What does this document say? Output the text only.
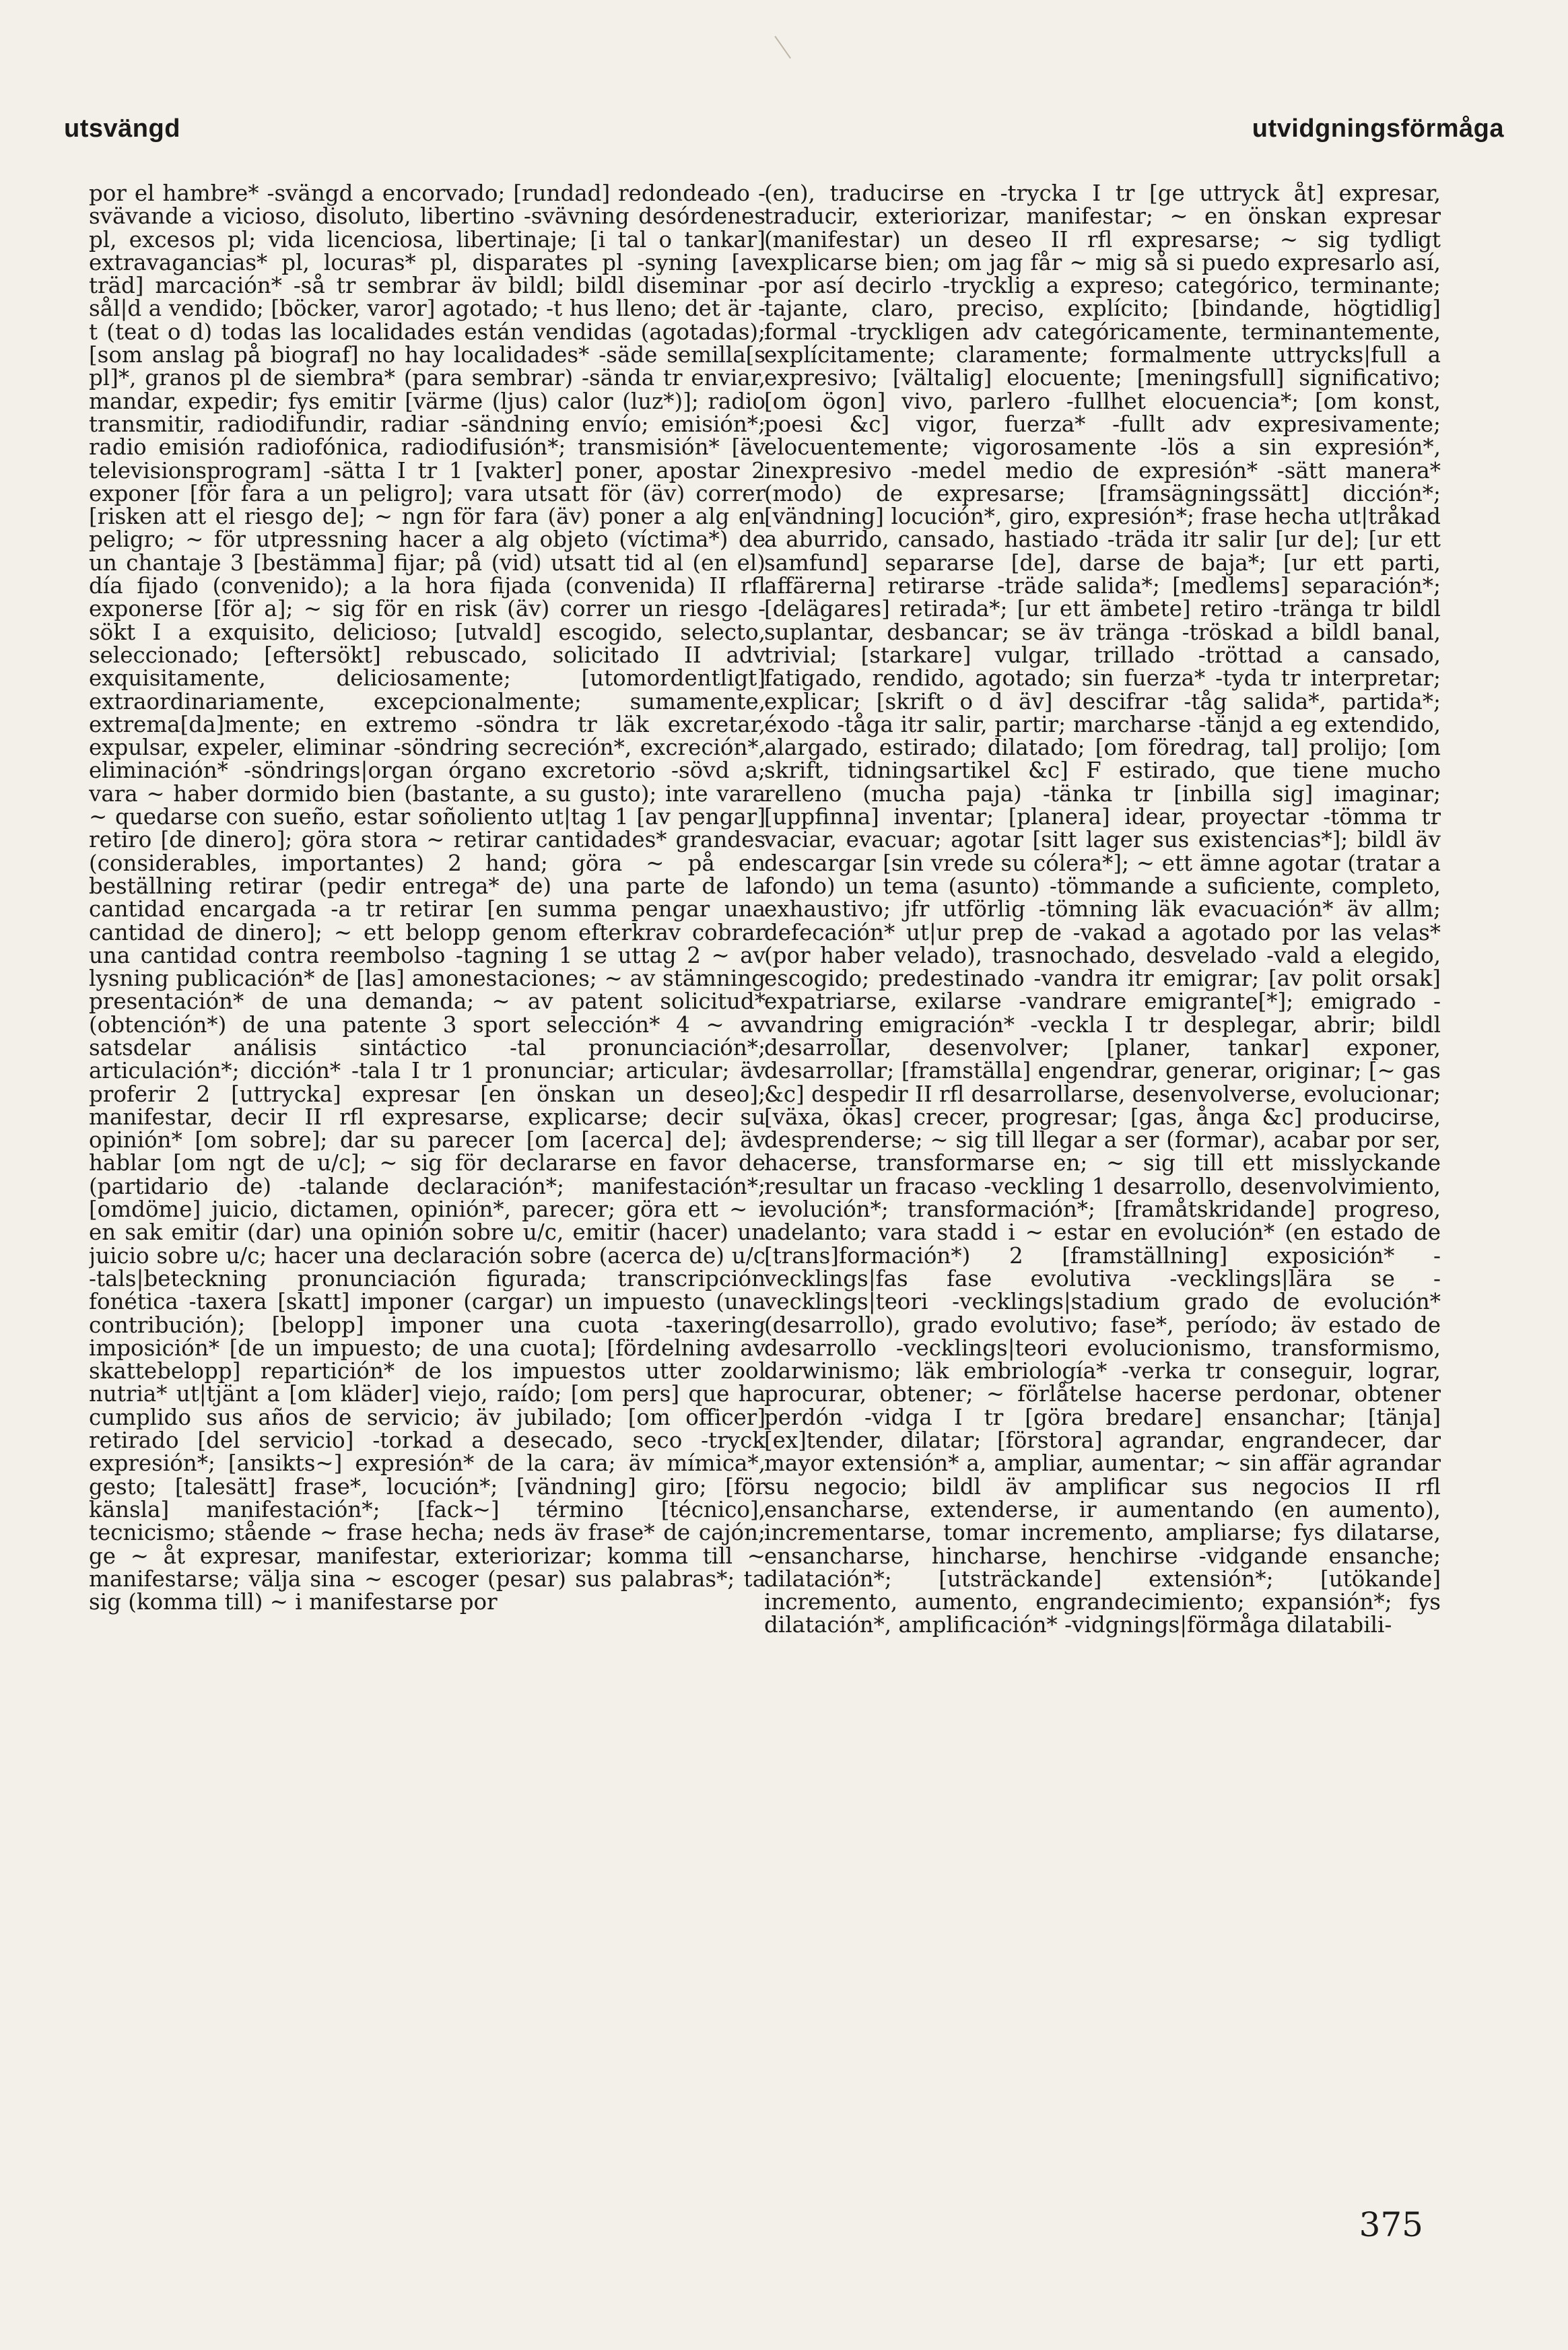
utsvängd	utvidgningsförmåga

por el hambre* -svängd a encorvado; [rundad] redondeado -svävande a vicioso, disoluto, libertino -svävning desórdenes pl, excesos pl; vida licenciosa, libertinaje; [i tal o tankar] extravagancias* pl, locuras* pl, disparates pl -syning [av träd] marcación* -så tr sembrar äv bildl; bildl diseminar -sål|d a vendido; [böcker, varor] agotado; -t hus lleno; det är -t (teat o d) todas las localidades están vendidas (agotadas); [som anslag på biograf] no hay localidades* -säde semilla[s pl]*, granos pl de siembra* (para sembrar) -sända tr enviar, mandar, expedir; fys emitir [värme (ljus) calor (luz*)]; radio transmitir, radiodifundir, radiar -sändning envío; emisión*; radio emisión radiofónica, radiodifusión*; transmisión* [äv televisionsprogram] -sätta I tr 1 [vakter] poner, apostar 2 exponer [för fara a un peligro]; vara utsatt för (äv) correr [risken att el riesgo de]; ~ ngn för fara (äv) poner a alg en peligro; ~ för utpressning hacer a alg objeto (víctima*) de un chantaje 3 [bestämma] fijar; på (vid) utsatt tid al (en el) día fijado (convenido); a la hora fijada (convenida) II rfl exponerse [för a]; ~ sig för en risk (äv) correr un riesgo -sökt I a exquisito, delicioso; [utvald] escogido, selecto, seleccionado; [eftersökt] rebuscado, solicitado II adv exquisitamente, deliciosamente; [utomordentligt] extraordinariamente, excepcionalmente; sumamente, extrema[da]mente; en extremo -söndra tr läk excretar, expulsar, expeler, eliminar -söndring secreción*, excreción*, eliminación* -söndrings|organ órgano excretorio -sövd a; vara ~ haber dormido bien (bastante, a su gusto); inte vara ~ quedarse con sueño, estar soñoliento ut|tag 1 [av pengar] retiro [de dinero]; göra stora ~ retirar cantidades* grandes (considerables, importantes) 2 hand; göra ~ på en beställning retirar (pedir entrega* de) una parte de la cantidad encargada -a tr retirar [en summa pengar una cantidad de dinero]; ~ ett belopp genom efterkrav cobrar una cantidad contra reembolso -tagning 1 se uttag 2 ~ av lysning publicación* de [las] amonestaciones; ~ av stämning presentación* de una demanda; ~ av patent solicitud* (obtención*) de una patente 3 sport selección* 4 ~ av satsdelar análisis sintáctico -tal pronunciación*; articulación*; dicción* -tala I tr 1 pronunciar; articular; äv proferir 2 [uttrycka] expresar [en önskan un deseo]; manifestar, decir II rfl expresarse, explicarse; decir su opinión* [om sobre]; dar su parecer [om [acerca] de]; äv hablar [om ngt de u/c]; ~ sig för declararse en favor de (partidario de) -talande declaración*; manifestación*; [omdöme] juicio, dictamen, opinión*, parecer; göra ett ~ i en sak emitir (dar) una opinión sobre u/c, emitir (hacer) un juicio sobre u/c; hacer una declaración sobre (acerca de) u/c -tals|beteckning pronunciación figurada; transcripción fonética -taxera [skatt] imponer (cargar) un impuesto (una contribución); [belopp] imponer una cuota -taxering imposición* [de un impuesto; de una cuota]; [fördelning av skattebelopp] repartición* de los impuestos utter zool nutria* ut|tjänt a [om kläder] viejo, raído; [om pers] que ha cumplido sus años de servicio; äv jubilado; [om officer] retirado [del servicio] -torkad a desecado, seco -tryck expresión*; [ansikts~] expresión* de la cara; äv mímica*, gesto; [talesätt] frase*, locución*; [vändning] giro; [för känsla] manifestación*; [fack~] término [técnico], tecnicismo; stående ~ frase hecha; neds äv frase* de cajón; ge ~ åt expresar, manifestar, exteriorizar; komma till ~ manifestarse; välja sina ~ escoger (pesar) sus palabras*; ta sig (komma till) ~ i manifestarse por

(en), traducirse en -trycka I tr [ge uttryck åt] expresar, traducir, exteriorizar, manifestar; ~ en önskan expresar (manifestar) un deseo II rfl expresarse; ~ sig tydligt explicarse bien; om jag får ~ mig så si puedo expresarlo así, por así decirlo -trycklig a expreso; categórico, terminante; tajante, claro, preciso, explícito; [bindande, högtidlig] formal -tryckligen adv categóricamente, terminantemente, explícitamente; claramente; formalmente uttrycks|full a expresivo; [vältalig] elocuente; [meningsfull] significativo; [om ögon] vivo, parlero -fullhet elocuencia*; [om konst, poesi &c] vigor, fuerza* -fullt adv expresivamente; elocuentemente; vigorosamente -lös a sin expresión*, inexpresivo -medel medio de expresión* -sätt manera* (modo) de expresarse; [framsägningssätt] dicción*; [vändning] locución*, giro, expresión*; frase hecha ut|tråkad a aburrido, cansado, hastiado -träda itr salir [ur de]; [ur ett samfund] separarse [de], darse de baja*; [ur ett parti, affärerna] retirarse -träde salida*; [medlems] separación*; [delägares] retirada*; [ur ett ämbete] retiro -tränga tr bildl suplantar, desbancar; se äv tränga -tröskad a bildl banal, trivial; [starkare] vulgar, trillado -tröttad a cansado, fatigado, rendido, agotado; sin fuerza* -tyda tr interpretar; explicar; [skrift o d äv] descifrar -tåg salida*, partida*; éxodo -tåga itr salir, partir; marcharse -tänjd a eg extendido, alargado, estirado; dilatado; [om föredrag, tal] prolijo; [om skrift, tidningsartikel &c] F estirado, que tiene mucho relleno (mucha paja) -tänka tr [inbilla sig] imaginar; [uppfinna] inventar; [planera] idear, proyectar -tömma tr vaciar, evacuar; agotar [sitt lager sus existencias*]; bildl äv descargar [sin vrede su cólera*]; ~ ett ämne agotar (tratar a fondo) un tema (asunto) -tömmande a suficiente, completo, exhaustivo; jfr utförlig -tömning läk evacuación* äv allm; defecación* ut|ur prep de -vakad a agotado por las velas* (por haber velado), trasnochado, desvelado -vald a elegido, escogido; predestinado -vandra itr emigrar; [av polit orsak] expatriarse, exilarse -vandrare emigrante[*]; emigrado -vandring emigración* -veckla I tr desplegar, abrir; bildl desarrollar, desenvolver; [planer, tankar] exponer, desarrollar; [framställa] engendrar, generar, originar; [~ gas &c] despedir II rfl desarrollarse, desenvolverse, evolucionar; [växa, ökas] crecer, progresar; [gas, ånga &c] producirse, desprenderse; ~ sig till llegar a ser (formar), acabar por ser, hacerse, transformarse en; ~ sig till ett misslyckande resultar un fracaso -veckling 1 desarrollo, desenvolvimiento, evolución*; transformación*; [framåtskridande] progreso, adelanto; vara stadd i ~ estar en evolución* (en estado de [trans]formación*) 2 [framställning] exposición* -vecklings|fas fase evolutiva -vecklings|lära se -vecklings|teori -vecklings|stadium grado de evolución* (desarrollo), grado evolutivo; fase*, período; äv estado de desarrollo -vecklings|teori evolucionismo, transformismo, darwinismo; läk embriología* -verka tr conseguir, lograr, procurar, obtener; ~ förlåtelse hacerse perdonar, obtener perdón -vidga I tr [göra bredare] ensanchar; [tänja] [ex]tender, dilatar; [förstora] agrandar, engrandecer, dar mayor extensión* a, ampliar, aumentar; ~ sin affär agrandar su negocio; bildl äv amplificar sus negocios II rfl ensancharse, extenderse, ir aumentando (en aumento), incrementarse, tomar incremento, ampliarse; fys dilatarse, ensancharse, hincharse, henchirse -vidgande ensanche; dilatación*; [utsträckande] extensión*; [utökande] incremento, aumento, engrandecimiento; expansión*; fys dilatación*, amplificación* -vidgnings|förmåga dilatabili-

375
